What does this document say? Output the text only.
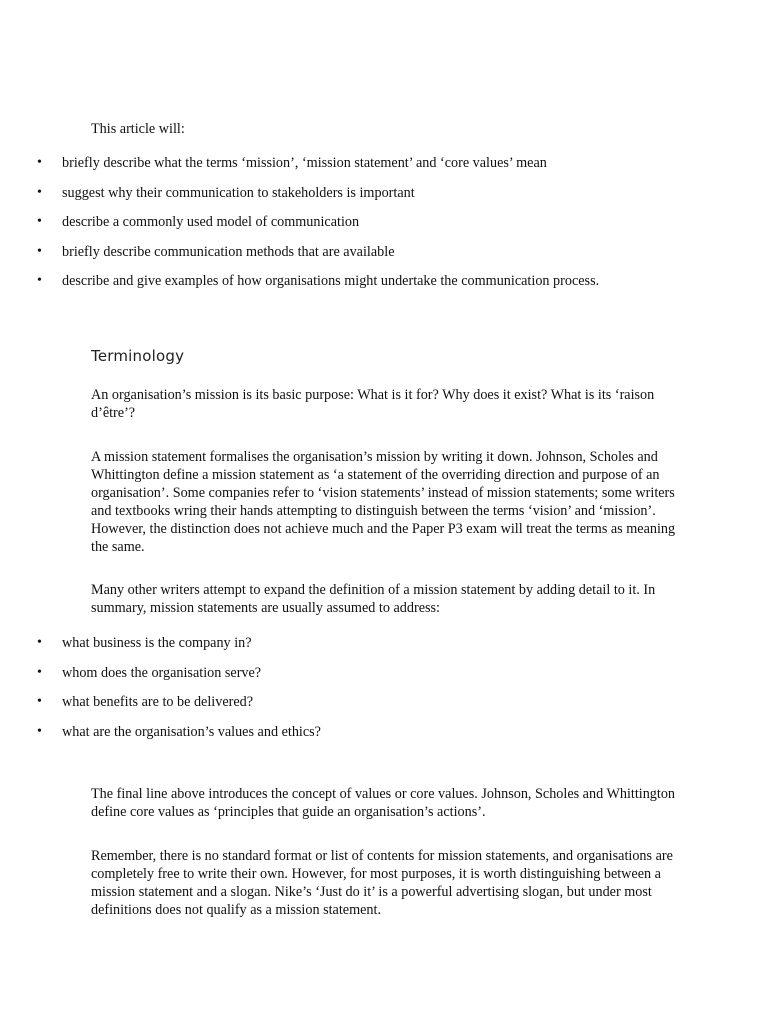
This article will:

• briefly describe what the terms ‘mission’, ‘mission statement’ and ‘core values’ mean
• suggest why their communication to stakeholders is important
• describe a commonly used model of communication
• briefly describe communication methods that are available
• describe and give examples of how organisations might undertake the communication process.
Terminology

An organisation’s mission is its basic purpose: What is it for? Why does it exist? What is its ‘raison d’être’?

A mission statement formalises the organisation’s mission by writing it down. Johnson, Scholes and Whittington define a mission statement as ‘a statement of the overriding direction and purpose of an organisation’. Some companies refer to ‘vision statements’ instead of mission statements; some writers and textbooks wring their hands attempting to distinguish between the terms ‘vision’ and ‘mission’. However, the distinction does not achieve much and the Paper P3 exam will treat the terms as meaning the same.

Many other writers attempt to expand the definition of a mission statement by adding detail to it. In summary, mission statements are usually assumed to address:

• what business is the company in?
• whom does the organisation serve?
• what benefits are to be delivered?
• what are the organisation’s values and ethics?

The final line above introduces the concept of values or core values. Johnson, Scholes and Whittington define core values as ‘principles that guide an organisation’s actions’.

Remember, there is no standard format or list of contents for mission statements, and organisations are completely free to write their own. However, for most purposes, it is worth distinguishing between a mission statement and a slogan. Nike’s ‘Just do it’ is a powerful advertising slogan, but under most definitions does not qualify as a mission statement.
